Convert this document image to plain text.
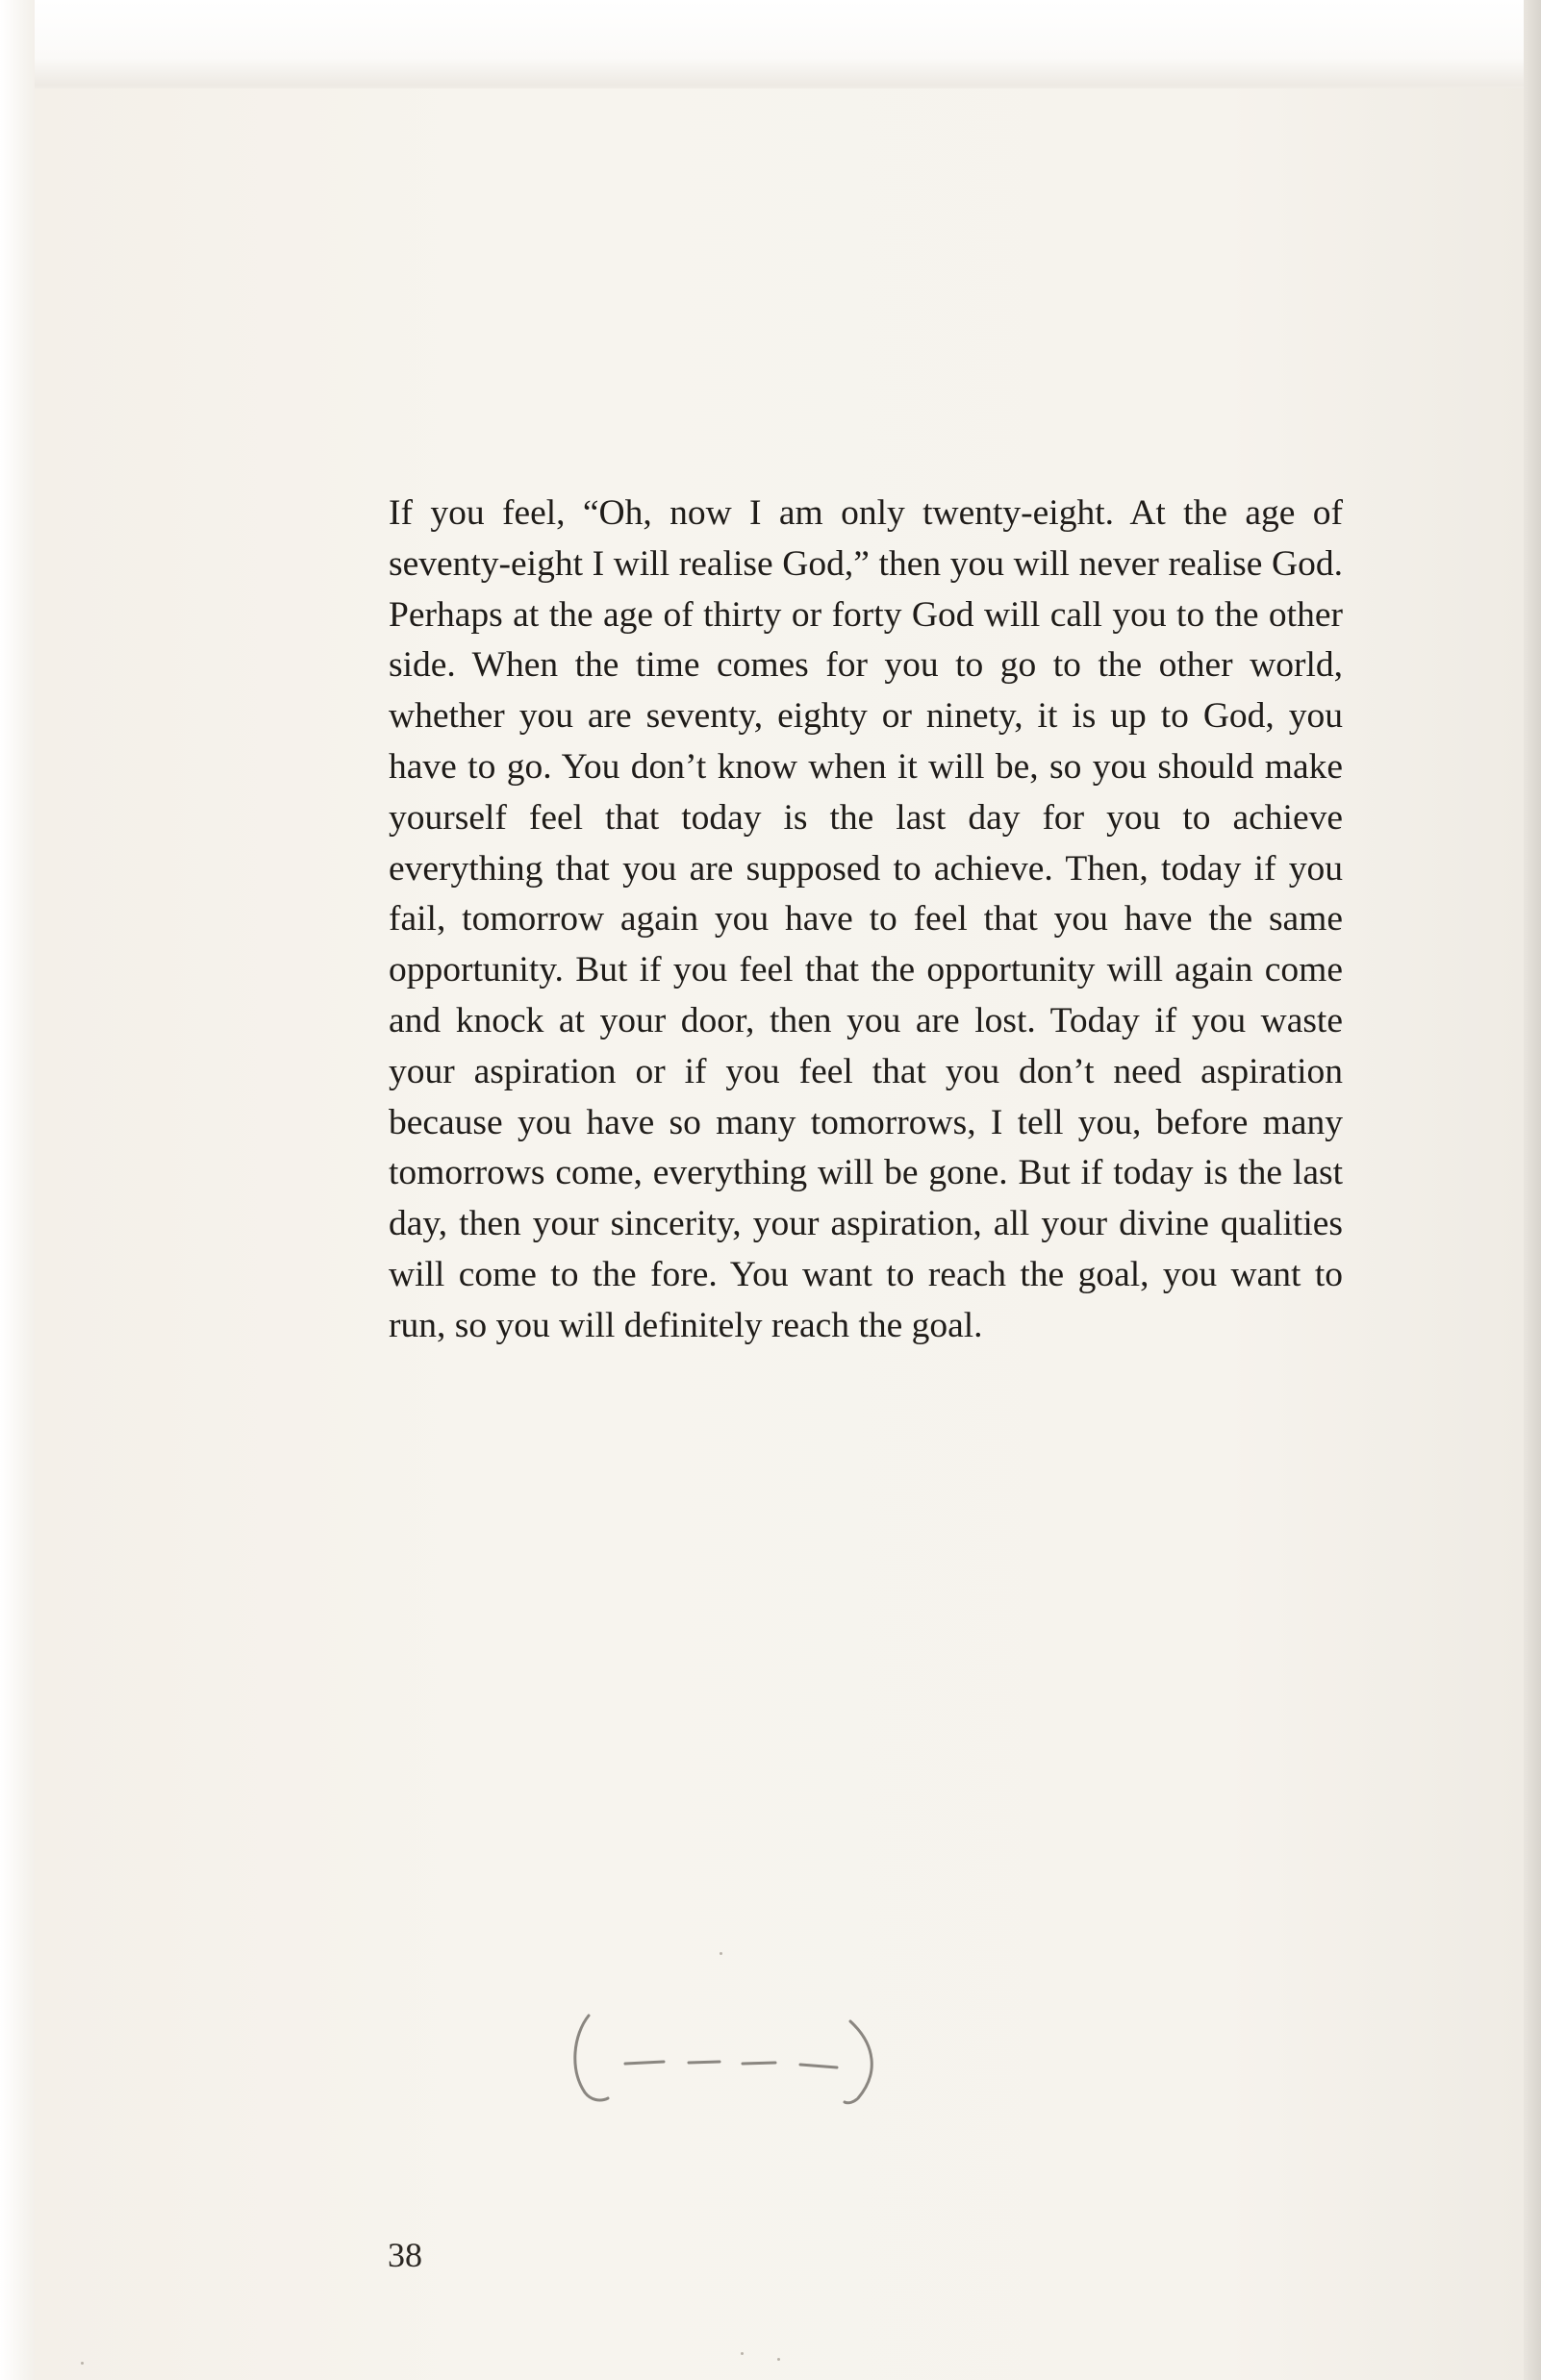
If you feel, “Oh, now I am only twenty-eight. At the age of seventy-eight I will realise God,” then you will never realise God. Perhaps at the age of thirty or forty God will call you to the other side. When the time comes for you to go to the other world, whether you are seventy, eighty or ninety, it is up to God, you have to go. You don’t know when it will be, so you should make yourself feel that today is the last day for you to achieve everything that you are supposed to achieve. Then, today if you fail, tomorrow again you have to feel that you have the same opportunity. But if you feel that the opportunity will again come and knock at your door, then you are lost. Today if you waste your aspiration or if you feel that you don’t need aspiration because you have so many tomorrows, I tell you, before many tomorrows come, everything will be gone. But if today is the last day, then your sincerity, your aspiration, all your divine qualities will come to the fore. You want to reach the goal, you want to run, so you will definitely reach the goal.

38
